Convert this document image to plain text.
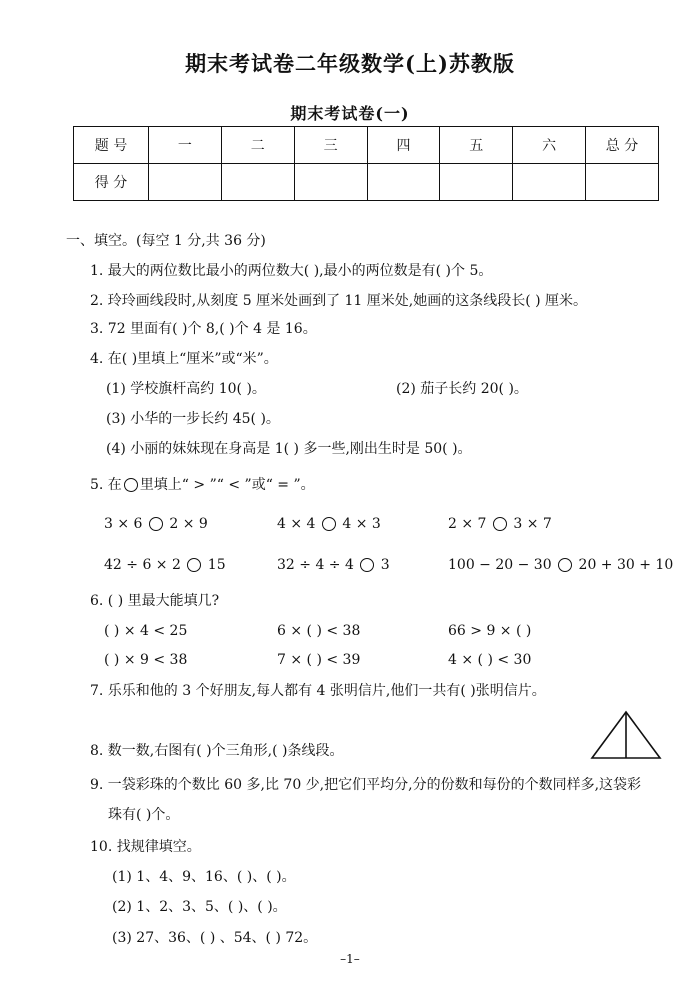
期末考试卷二年级数学(上)苏教版
期末考试卷(一)
题 号	一	二	三	四	五	六	总 分
得 分							
一、填空。(每空 1 分,共 36 分)
1. 最大的两位数比最小的两位数大( ),最小的两位数是有( )个 5。
2. 玲玲画线段时,从刻度 5 厘米处画到了 11 厘米处,她画的这条线段长( ) 厘米。
3. 72 里面有( )个 8,( )个 4 是 16。
4. 在( )里填上“厘米”或“米”。
(1) 学校旗杆高约 10( )。	(2) 茄子长约 20( )。
(3) 小华的一步长约 45( )。
(4) 小丽的妹妹现在身高是 1( ) 多一些,刚出生时是 50( )。
5. 在 里填上“ > ”“ < ”或“ = ”。
3 × 6 2 × 9	4 × 4 4 × 3	2 × 7 3 × 7
42 ÷ 6 × 2 15	32 ÷ 4 ÷ 4 3	100 − 20 − 30 20 + 30 + 10
6. ( ) 里最大能填几?
( ) × 4 < 25	6 × ( ) < 38	66 > 9 × ( )
( ) × 9 < 38	7 × ( ) < 39	4 × ( ) < 30
7. 乐乐和他的 3 个好朋友,每人都有 4 张明信片,他们一共有( )张明信片。
8. 数一数,右图有( )个三角形,( )条线段。
9. 一袋彩珠的个数比 60 多,比 70 少,把它们平均分,分的份数和每份的个数同样多,这袋彩
珠有( )个。
10. 找规律填空。
(1) 1、4、9、16、( )、( )。
(2) 1、2、3、5、( )、( )。
(3) 27、36、( ) 、54、( ) 72。
–1–
